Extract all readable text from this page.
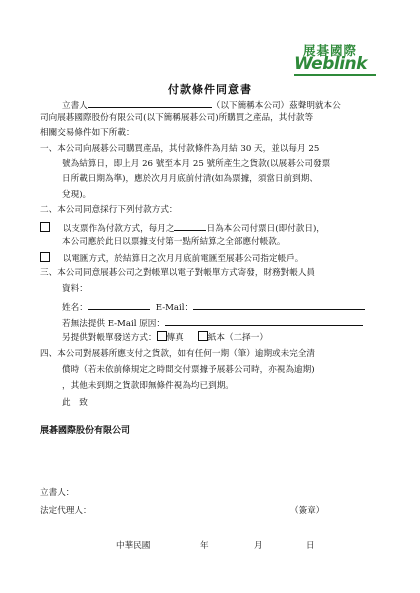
展碁國際
Weblink
付款條件同意書
立書人	（以下簡稱本公司）茲聲明就本公
司向展碁國際股份有限公司(以下簡稱展碁公司)所購買之產品，其付款等
相關交易條件如下所載：
一、本公司向展碁公司購買產品，其付款條件為月結 30 天，並以每月 25
號為結算日，即上月 26 號至本月 25 號所產生之貨款(以展碁公司發票
日所載日期為準)，應於次月月底前付清(如為票據，須當日前到期、
兌現)。
二、本公司同意採行下列付款方式：
以支票作為付款方式，每月之	日為本公司付票日(即付款日)，
本公司應於此日以票據支付第一點所結算之全部應付帳款。
以電匯方式，於結算日之次月月底前電匯至展碁公司指定帳戶。
三、本公司同意展碁公司之對帳單以電子對帳單方式寄發，財務對帳人員
資料：
姓名：	E-Mail：
若無法提供 E-Mail 原因：
另提供對帳單發送方式： 傳真	紙本（二择一）
四、本公司對展碁所應支付之貨款，如有任何一期（筆）逾期或未完全清
償時（若未依前條規定之時間交付票據予展碁公司時，亦視為逾期)
，其他未到期之貨款即無條件視為均已到期。
此　致
展碁國際股份有限公司
立書人：
法定代理人：	（簽章）
中華民國	年	月	日
